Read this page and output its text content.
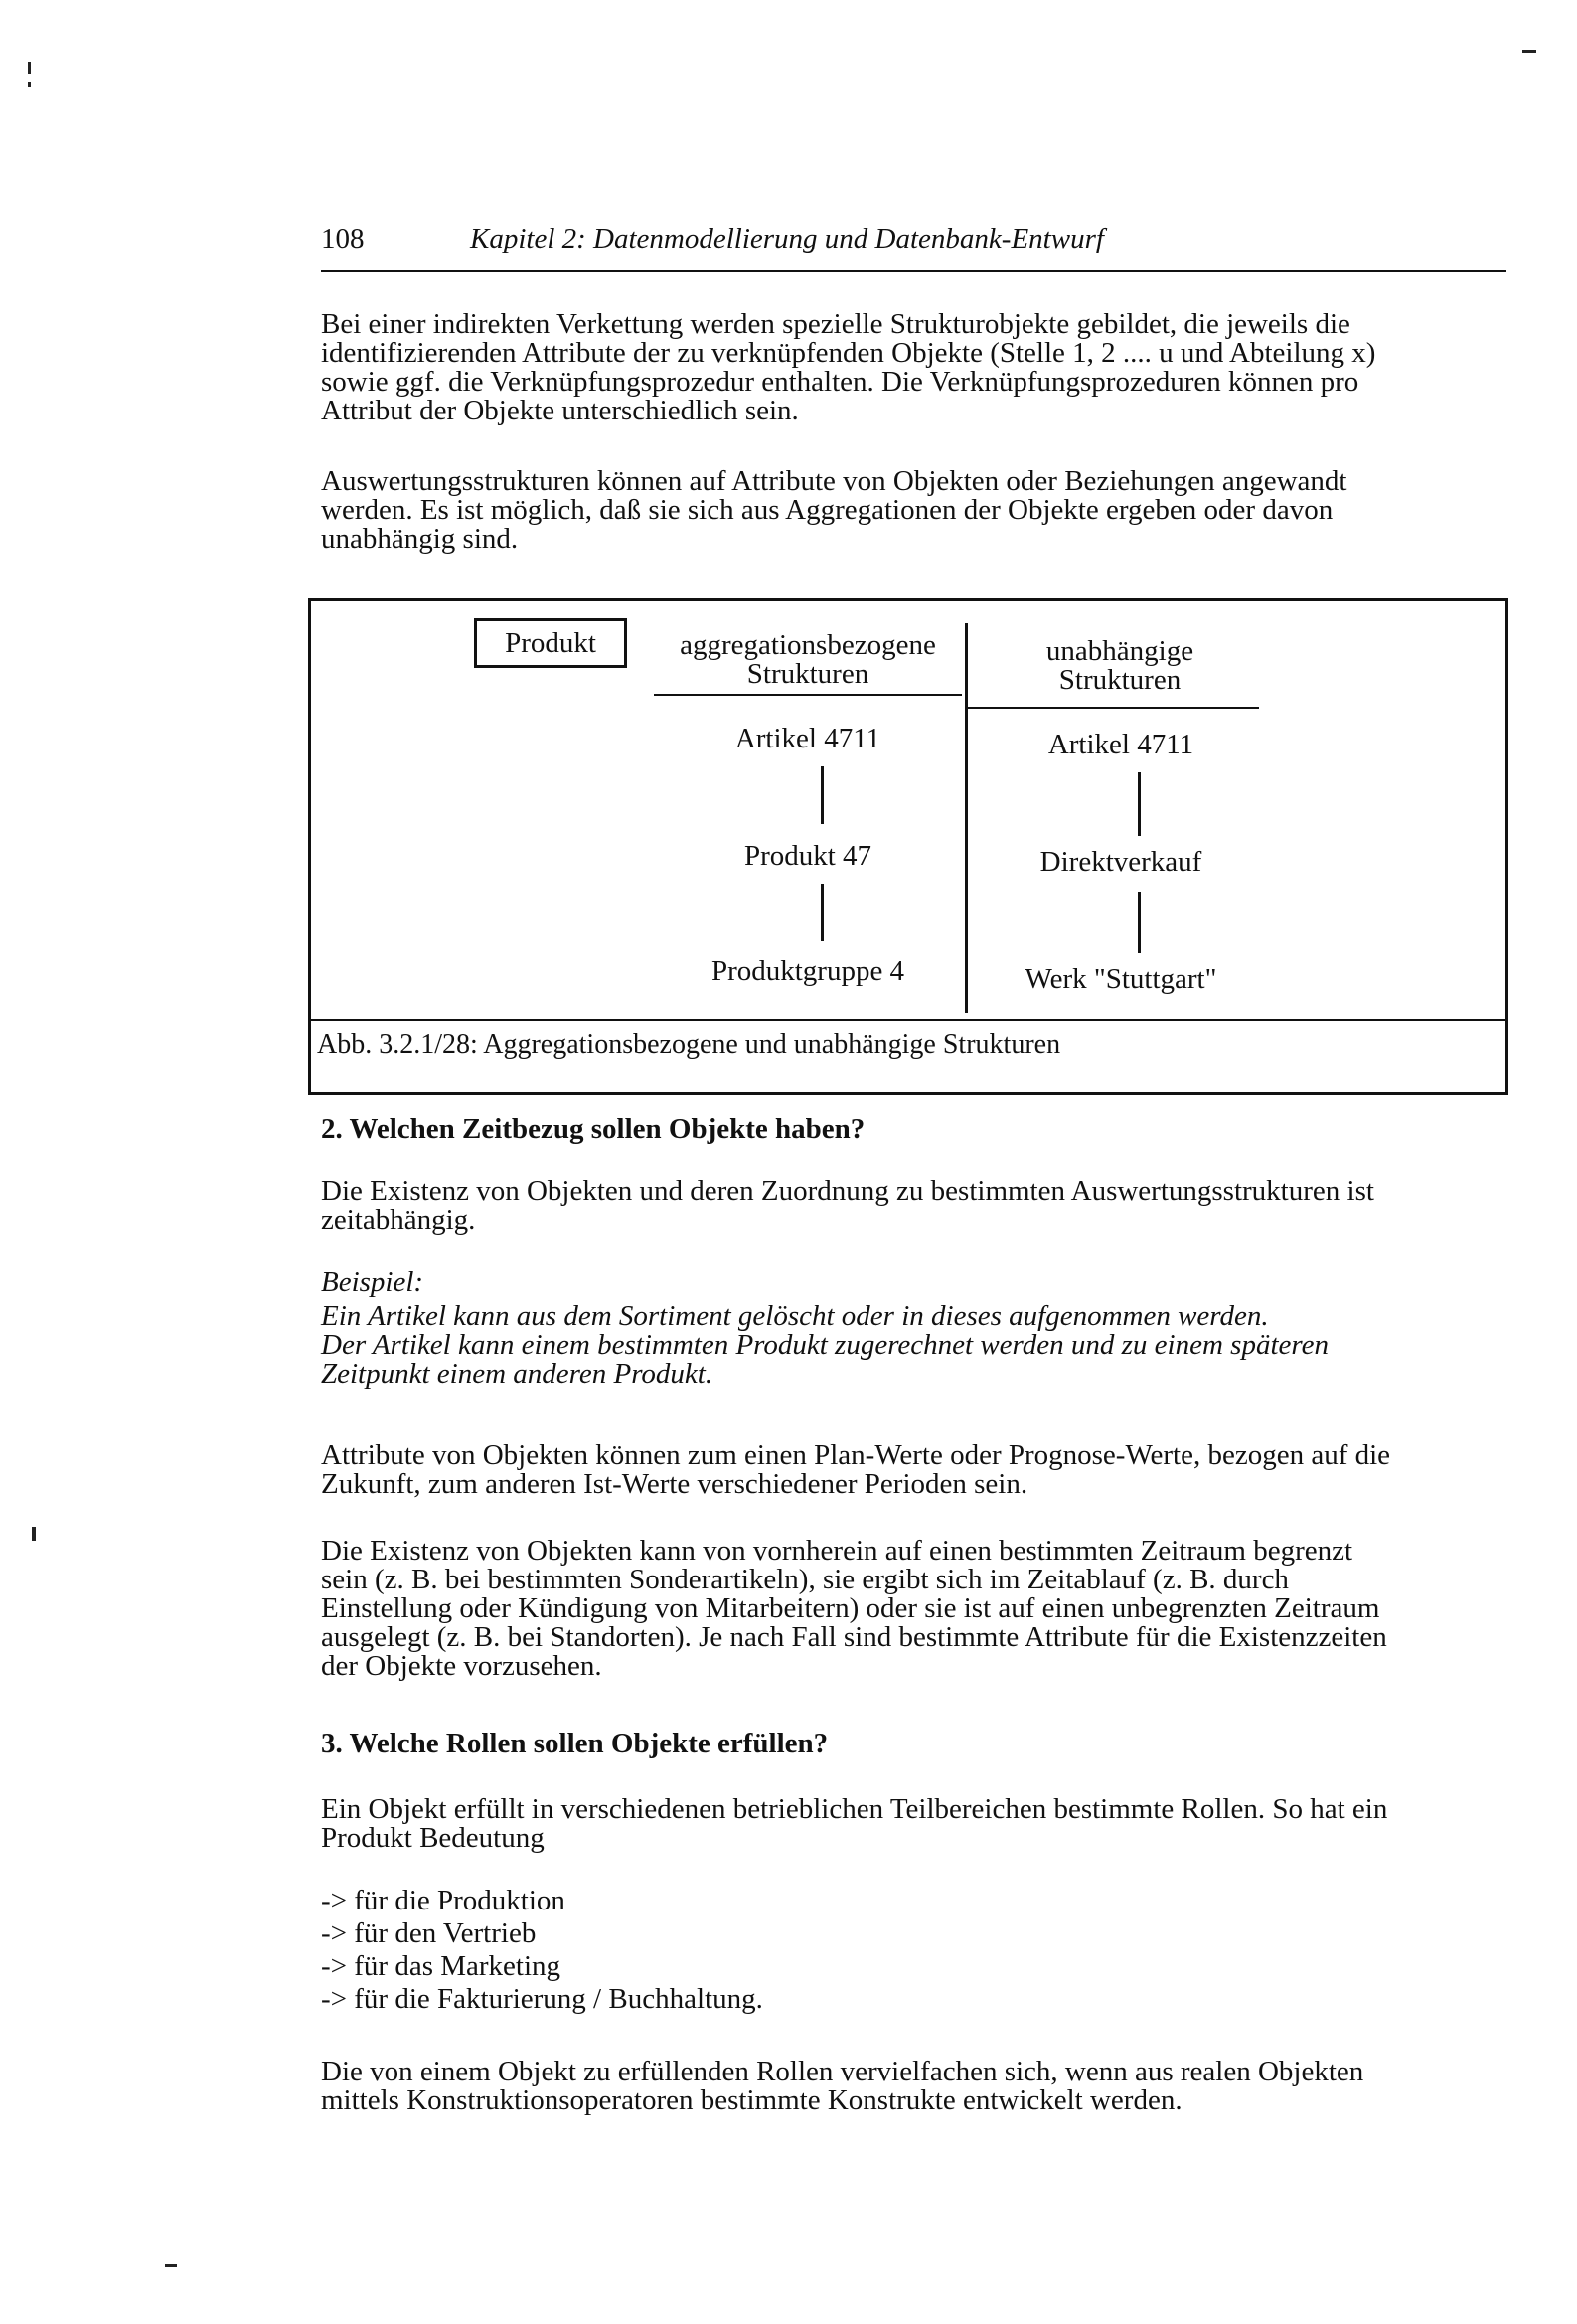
108	Kapitel 2: Datenmodellierung und Datenbank-Entwurf
Bei einer indirekten Verkettung werden spezielle Strukturobjekte gebildet, die jeweils die
identifizierenden Attribute der zu verknüpfenden Objekte (Stelle 1, 2 .... u und Abteilung x)
sowie ggf. die Verknüpfungsprozedur enthalten. Die Verknüpfungsprozeduren können pro
Attribut der Objekte unterschiedlich sein.
Auswertungsstrukturen können auf Attribute von Objekten oder Beziehungen angewandt
werden. Es ist möglich, daß sie sich aus Aggregationen der Objekte ergeben oder davon
unabhängig sind.
Produkt	aggregationsbezogene
Strukturen
unabhängige
Strukturen
Artikel 4711
Produkt 47
Produktgruppe 4
Artikel 4711
Direktverkauf
Werk "Stuttgart"
Abb. 3.2.1/28: Aggregationsbezogene und unabhängige Strukturen
2. Welchen Zeitbezug sollen Objekte haben?
Die Existenz von Objekten und deren Zuordnung zu bestimmten Auswertungsstrukturen ist
zeitabhängig.
Beispiel:
Ein Artikel kann aus dem Sortiment gelöscht oder in dieses aufgenommen werden.
Der Artikel kann einem bestimmten Produkt zugerechnet werden und zu einem späteren
Zeitpunkt einem anderen Produkt.
Attribute von Objekten können zum einen Plan-Werte oder Prognose-Werte, bezogen auf die
Zukunft, zum anderen Ist-Werte verschiedener Perioden sein.
Die Existenz von Objekten kann von vornherein auf einen bestimmten Zeitraum begrenzt
sein (z. B. bei bestimmten Sonderartikeln), sie ergibt sich im Zeitablauf (z. B. durch
Einstellung oder Kündigung von Mitarbeitern) oder sie ist auf einen unbegrenzten Zeitraum
ausgelegt (z. B. bei Standorten). Je nach Fall sind bestimmte Attribute für die Existenzzeiten
der Objekte vorzusehen.
3. Welche Rollen sollen Objekte erfüllen?
Ein Objekt erfüllt in verschiedenen betrieblichen Teilbereichen bestimmte Rollen. So hat ein
Produkt Bedeutung
-> für die Produktion
-> für den Vertrieb
-> für das Marketing
-> für die Fakturierung / Buchhaltung.
Die von einem Objekt zu erfüllenden Rollen vervielfachen sich, wenn aus realen Objekten
mittels Konstruktionsoperatoren bestimmte Konstrukte entwickelt werden.
